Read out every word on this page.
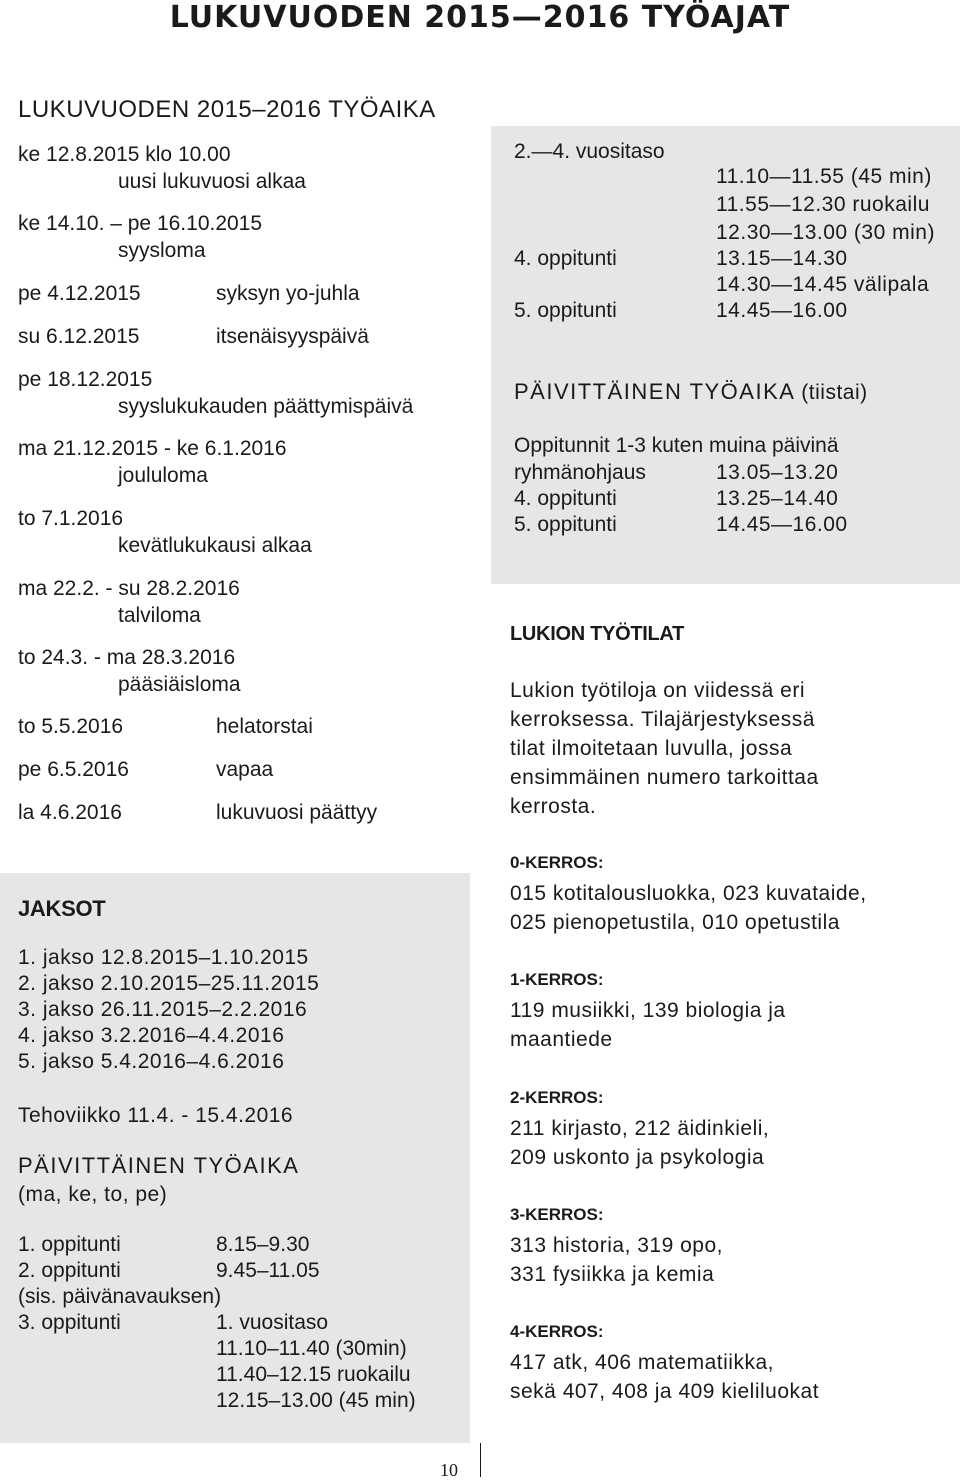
LUKUVUODEN 2015—2016 TYÖAJAT
LUKUVUODEN 2015–2016 TYÖAIKA
ke 12.8.2015 klo 10.00
uusi lukuvuosi alkaa
ke 14.10. – pe 16.10.2015
syysloma
pe 4.12.2015	syksyn yo-juhla
su 6.12.2015	itsenäisyyspäivä
pe 18.12.2015
syyslukukauden päättymispäivä
ma 21.12.2015 - ke 6.1.2016
joululoma
to 7.1.2016
kevätlukukausi alkaa
ma 22.2. - su 28.2.2016
talviloma
to 24.3. - ma 28.3.2016
pääsiäisloma
to 5.5.2016	helatorstai
pe 6.5.2016	vapaa
la 4.6.2016	lukuvuosi päättyy
JAKSOT
1. jakso 12.8.2015–1.10.2015
2. jakso 2.10.2015–25.11.2015
3. jakso 26.11.2015–2.2.2016
4. jakso 3.2.2016–4.4.2016
5. jakso 5.4.2016–4.6.2016
Tehoviikko 11.4. - 15.4.2016
PÄIVITTÄINEN TYÖAIKA
(ma, ke, to, pe)
1. oppitunti	8.15–9.30
2. oppitunti	9.45–11.05
(sis. päivänavauksen)
3. oppitunti	1. vuositaso
11.10–11.40 (30min)
11.40–12.15 ruokailu
12.15–13.00 (45 min)
2.—4. vuositaso
11.10—11.55 (45 min)
11.55—12.30 ruokailu
12.30—13.00 (30 min)
4. oppitunti	13.15—14.30
14.30—14.45 välipala
5. oppitunti	14.45—16.00
PÄIVITTÄINEN TYÖAIKA (tiistai)
Oppitunnit 1-3 kuten muina päivinä
ryhmänohjaus	13.05–13.20
4. oppitunti	13.25–14.40
5. oppitunti	14.45—16.00
LUKION TYÖTILAT
Lukion työtiloja on viidessä eri
kerroksessa. Tilajärjestyksessä
tilat ilmoitetaan luvulla, jossa
ensimmäinen numero tarkoittaa
kerrosta.
0-KERROS:
015 kotitalousluokka, 023 kuvataide,
025 pienopetustila, 010 opetustila
1-KERROS:
119 musiikki, 139 biologia ja
maantiede
2-KERROS:
211 kirjasto, 212 äidinkieli,
209 uskonto ja psykologia
3-KERROS:
313 historia, 319 opo,
331 fysiikka ja kemia
4-KERROS:
417 atk, 406 matematiikka,
sekä 407, 408 ja 409 kieliluokat
10
